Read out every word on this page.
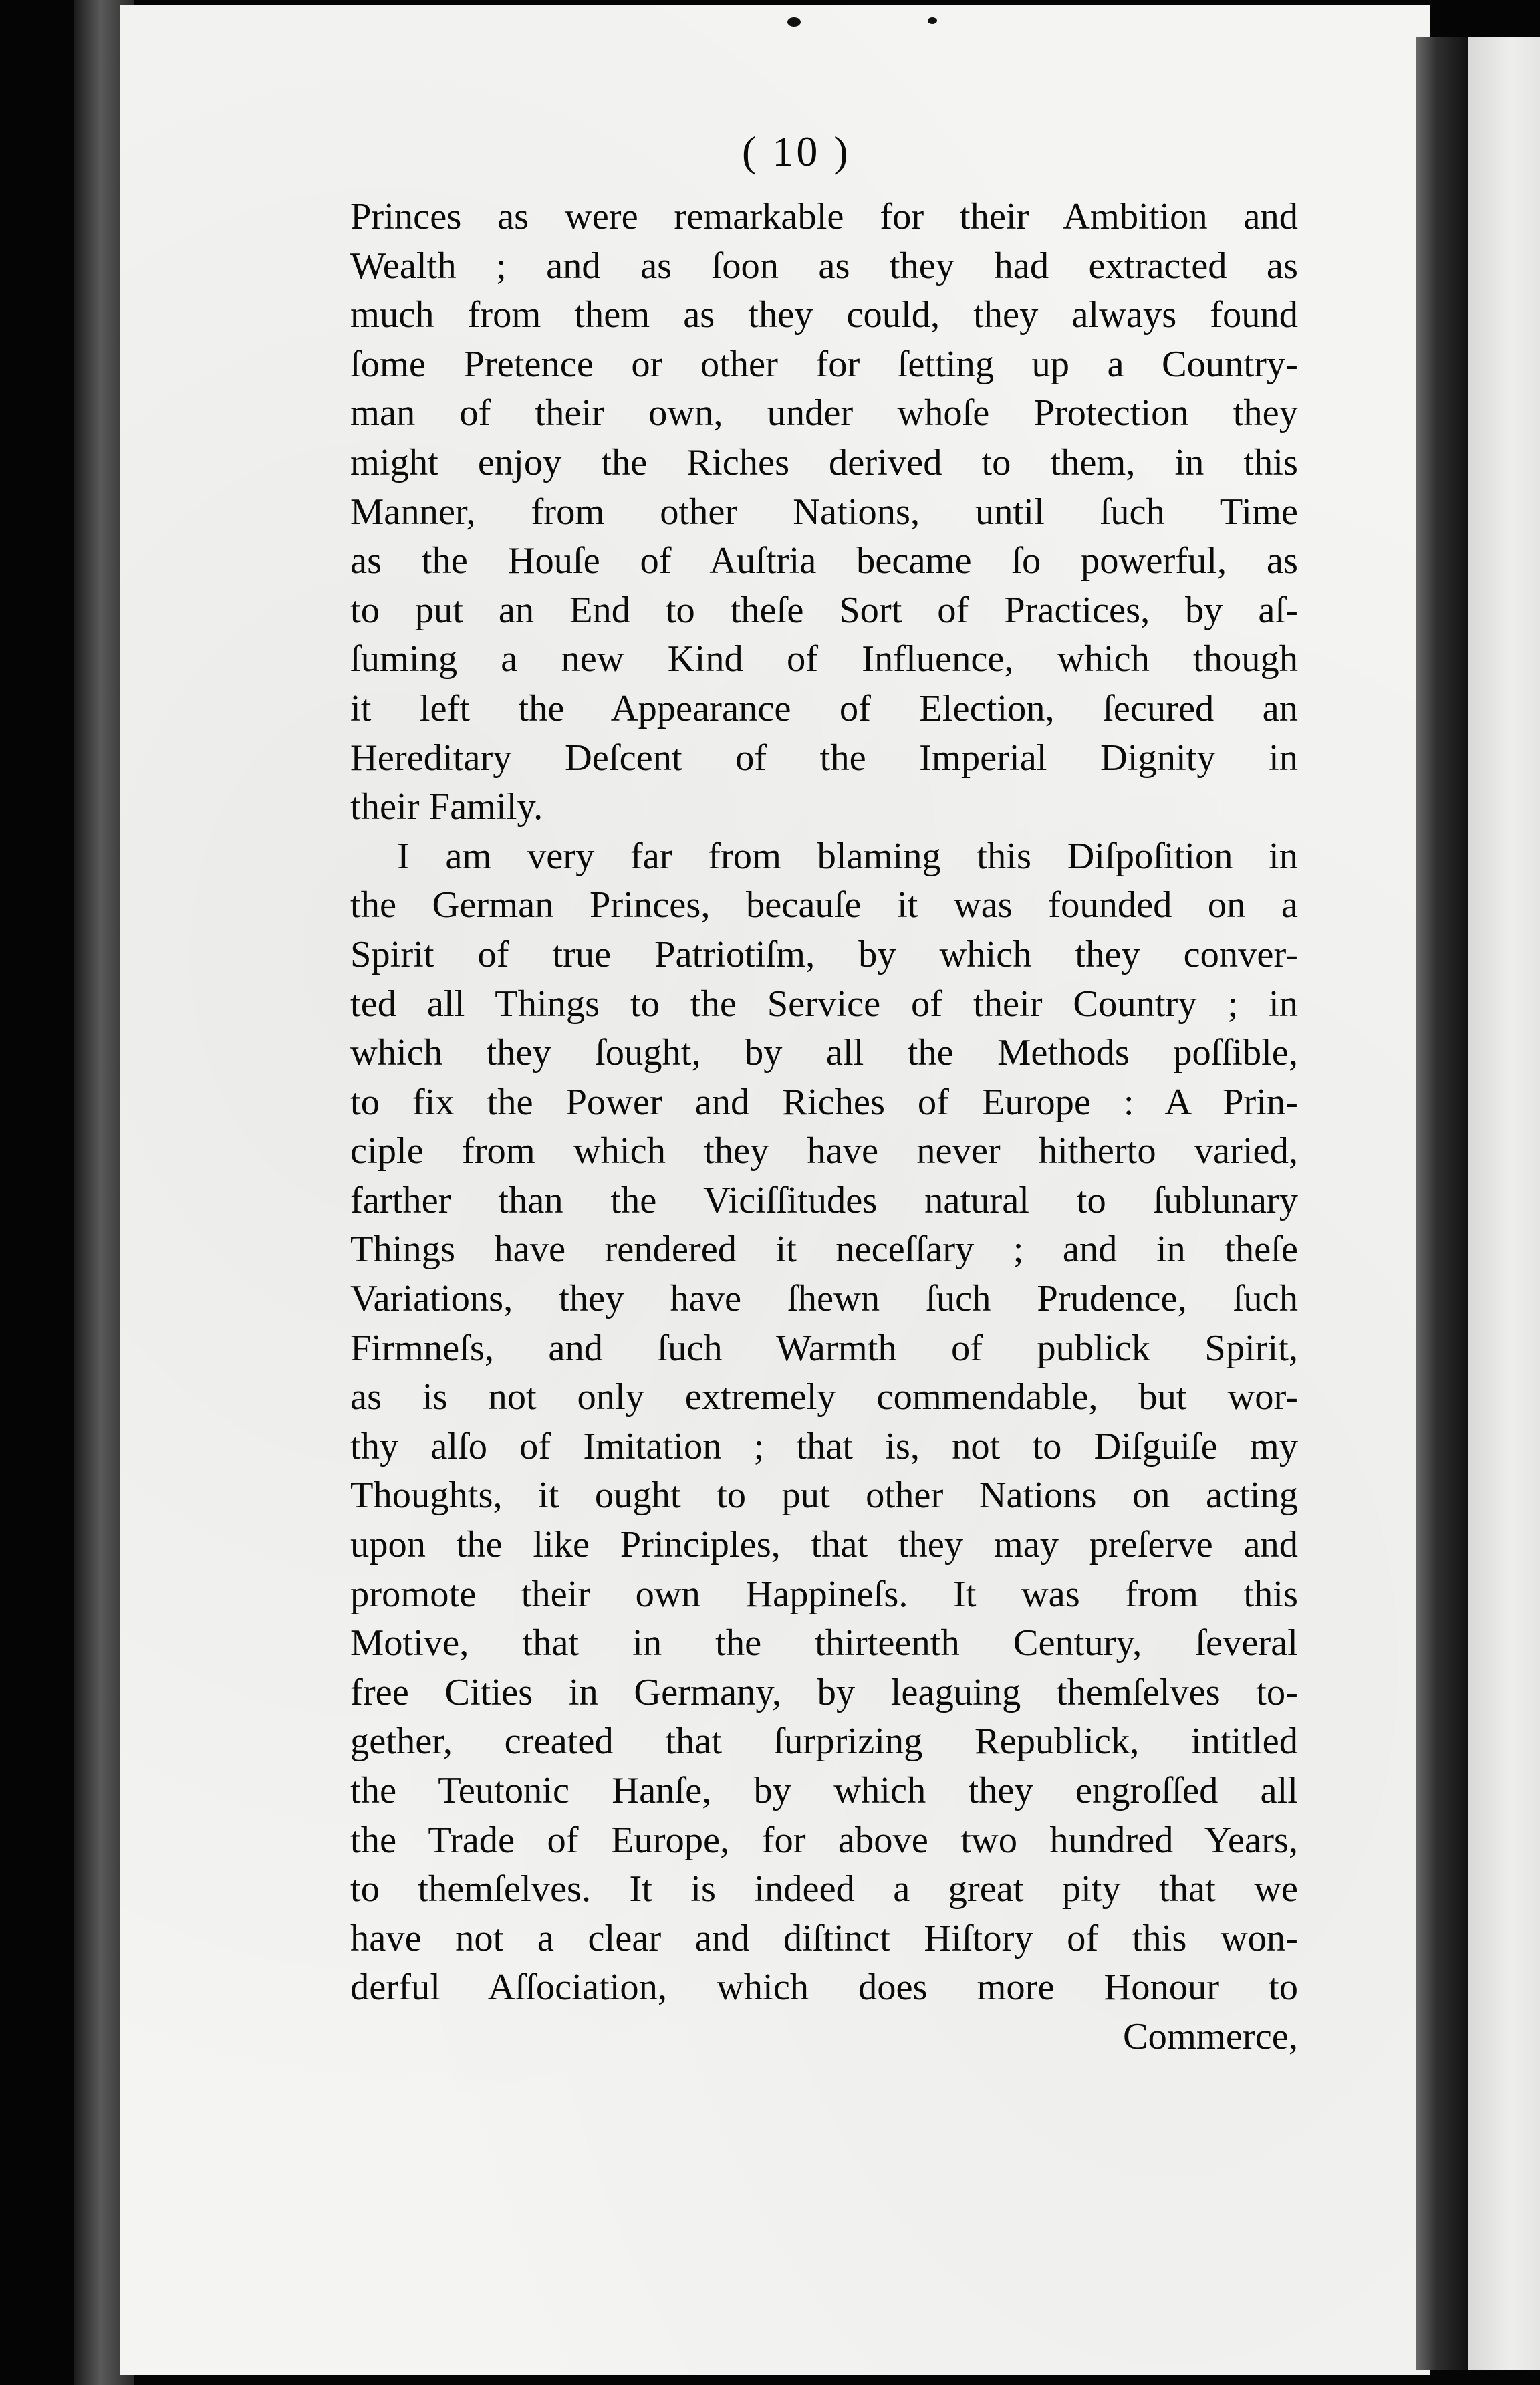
( 10 )
Princes as were remarkable for their Ambition and
Wealth ; and as ſoon as they had extracted as
much from them as they could, they always found
ſome Pretence or other for ſetting up a Country-
man of their own, under whoſe Protection they
might enjoy the Riches derived to them, in this
Manner, from other Nations, until ſuch Time
as the Houſe of Auſtria became ſo powerful, as
to put an End to theſe Sort of Practices, by aſ-
ſuming a new Kind of Influence, which though
it left the Appearance of Election, ſecured an
Hereditary Deſcent of the Imperial Dignity in
their Family.
I am very far from blaming this Diſpoſition in
the German Princes, becauſe it was founded on a
Spirit of true Patriotiſm, by which they conver-
ted all Things to the Service of their Country ; in
which they ſought, by all the Methods poſſible,
to fix the Power and Riches of Europe : A Prin-
ciple from which they have never hitherto varied,
farther than the Viciſſitudes natural to ſublunary
Things have rendered it neceſſary ; and in theſe
Variations, they have ſhewn ſuch Prudence, ſuch
Firmneſs, and ſuch Warmth of publick Spirit,
as is not only extremely commendable, but wor-
thy alſo of Imitation ; that is, not to Diſguiſe my
Thoughts, it ought to put other Nations on acting
upon the like Principles, that they may preſerve and
promote their own Happineſs. It was from this
Motive, that in the thirteenth Century, ſeveral
free Cities in Germany, by leaguing themſelves to-
gether, created that ſurprizing Republick, intitled
the Teutonic Hanſe, by which they engroſſed all
the Trade of Europe, for above two hundred Years,
to themſelves. It is indeed a great pity that we
have not a clear and diſtinct Hiſtory of this won-
derful Aſſociation, which does more Honour to
Commerce,
